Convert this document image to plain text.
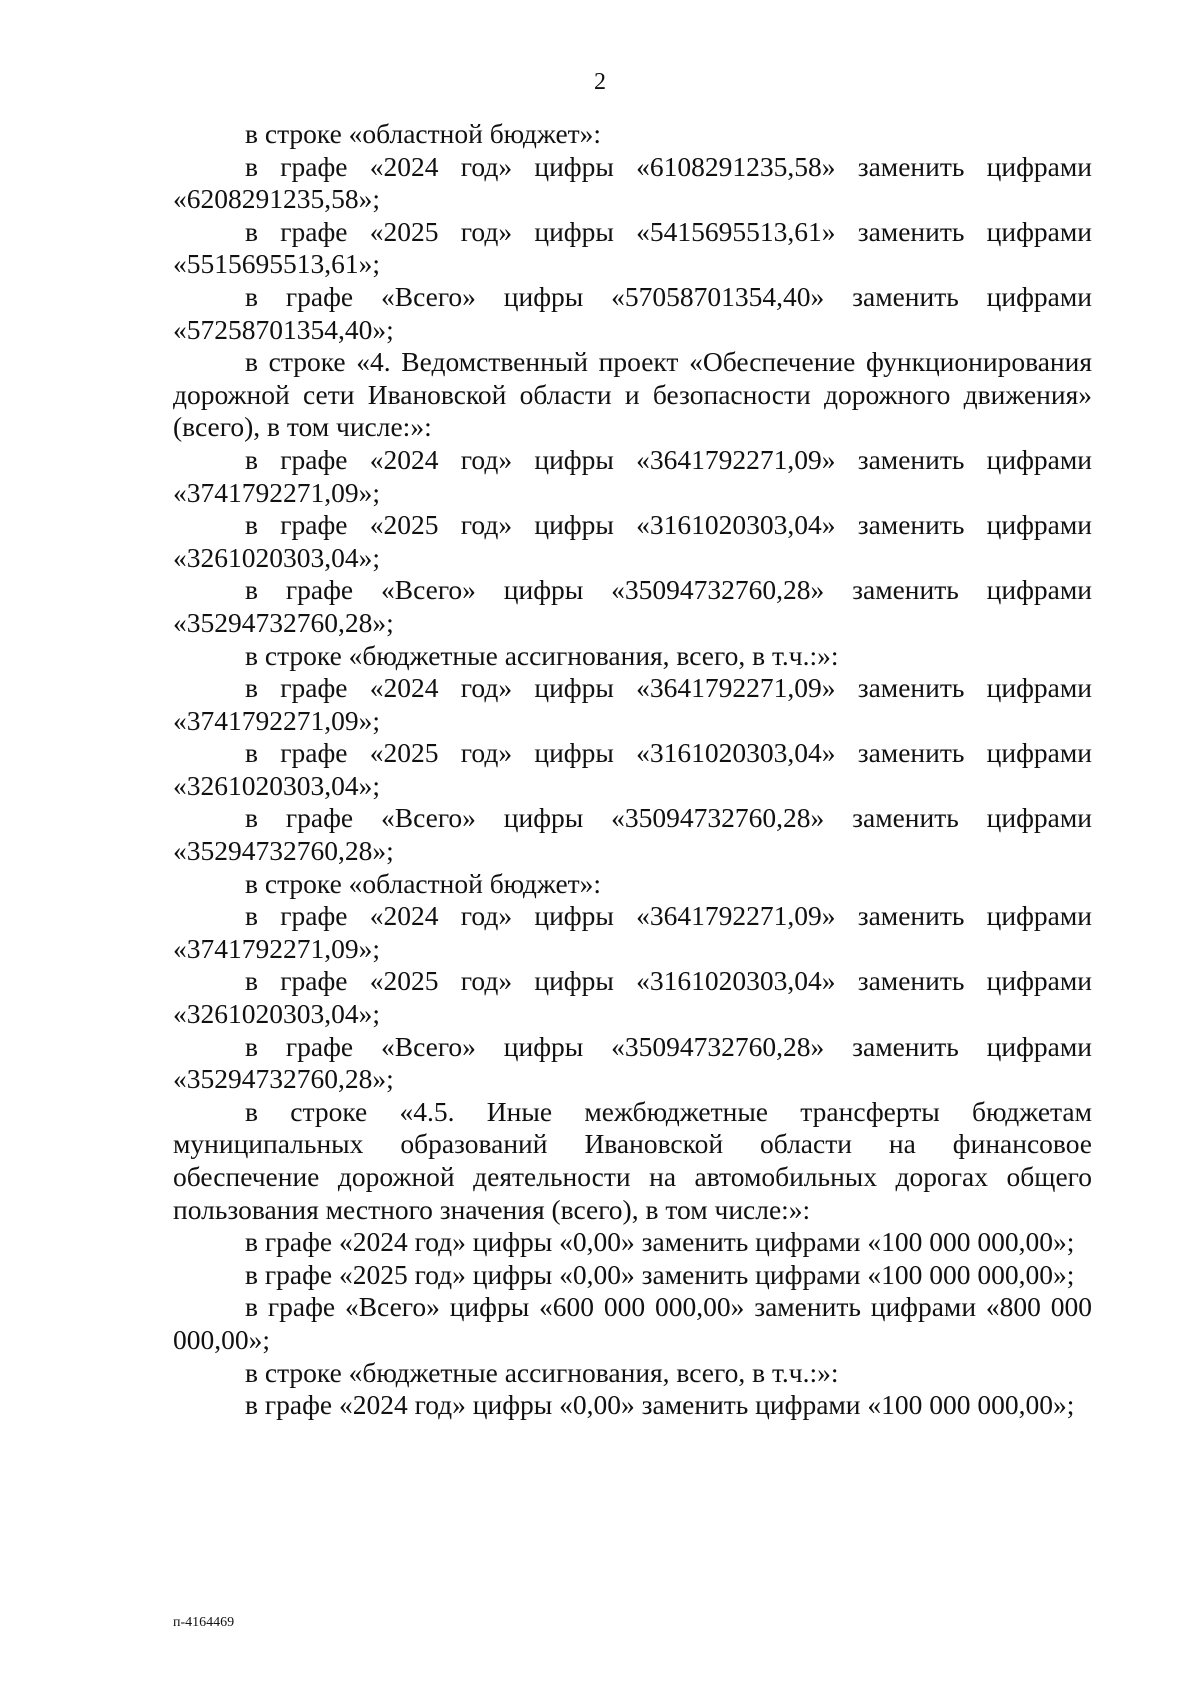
2

в строке «областной бюджет»:

в графе «2024 год» цифры «6108291235,58» заменить цифрами «6208291235,58»;

в графе «2025 год» цифры «5415695513,61» заменить цифрами «5515695513,61»;

в графе «Всего» цифры «57058701354,40» заменить цифрами «57258701354,40»;

в строке «4. Ведомственный проект «Обеспечение функционирования дорожной сети Ивановской области и безопасности дорожного движения» (всего), в том числе:»:

в графе «2024 год» цифры «3641792271,09» заменить цифрами «3741792271,09»;

в графе «2025 год» цифры «3161020303,04» заменить цифрами «3261020303,04»;

в графе «Всего» цифры «35094732760,28» заменить цифрами «35294732760,28»;

в строке «бюджетные ассигнования, всего, в т.ч.:»:

в графе «2024 год» цифры «3641792271,09» заменить цифрами «3741792271,09»;

в графе «2025 год» цифры «3161020303,04» заменить цифрами «3261020303,04»;

в графе «Всего» цифры «35094732760,28» заменить цифрами «35294732760,28»;

в строке «областной бюджет»:

в графе «2024 год» цифры «3641792271,09» заменить цифрами «3741792271,09»;

в графе «2025 год» цифры «3161020303,04» заменить цифрами «3261020303,04»;

в графе «Всего» цифры «35094732760,28» заменить цифрами «35294732760,28»;

в строке «4.5. Иные межбюджетные трансферты бюджетам муниципальных образований Ивановской области на финансовое обеспечение дорожной деятельности на автомобильных дорогах общего пользования местного значения (всего), в том числе:»:

в графе «2024 год» цифры «0,00» заменить цифрами «100 000 000,00»;

в графе «2025 год» цифры «0,00» заменить цифрами «100 000 000,00»;

в графе «Всего» цифры «600 000 000,00» заменить цифрами «800 000 000,00»;

в строке «бюджетные ассигнования, всего, в т.ч.:»:

в графе «2024 год» цифры «0,00» заменить цифрами «100 000 000,00»;

п-4164469
